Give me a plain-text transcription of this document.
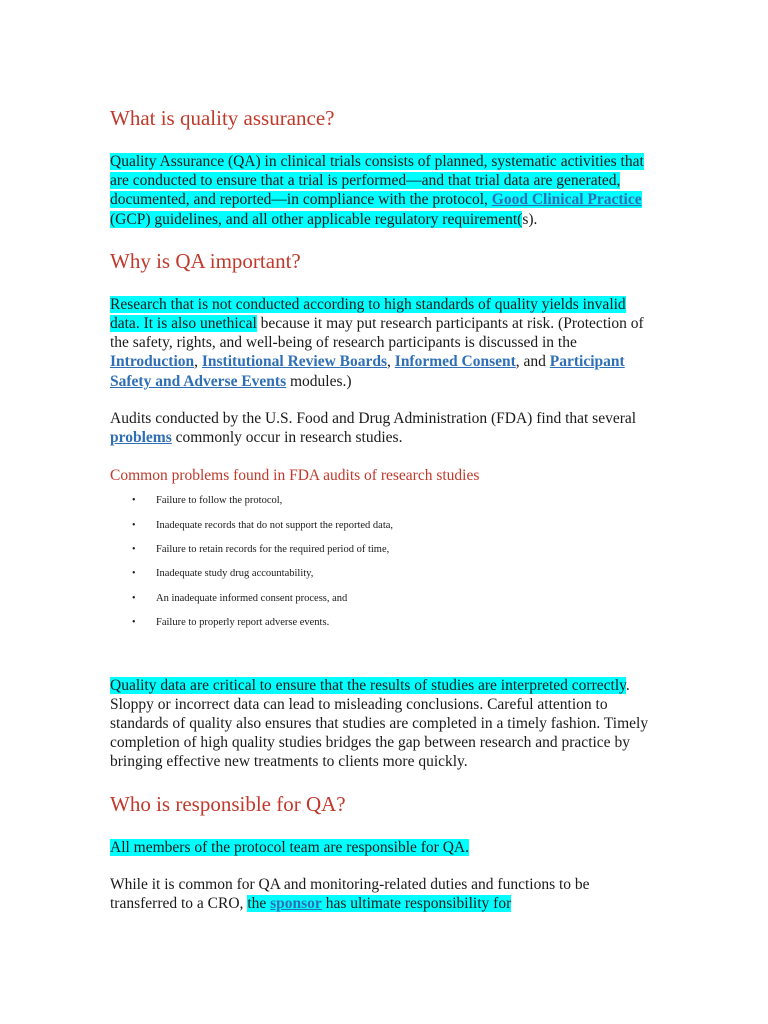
What is quality assurance?

Quality Assurance (QA) in clinical trials consists of planned, systematic activities that are conducted to ensure that a trial is performed—and that trial data are generated, documented, and reported—in compliance with the protocol, Good Clinical Practice (GCP) guidelines, and all other applicable regulatory requirement(s).

Why is QA important?

Research that is not conducted according to high standards of quality yields invalid data. It is also unethical because it may put research participants at risk. (Protection of the safety, rights, and well-being of research participants is discussed in the Introduction, Institutional Review Boards, Informed Consent, and Participant Safety and Adverse Events modules.)

Audits conducted by the U.S. Food and Drug Administration (FDA) find that several problems commonly occur in research studies.

Common problems found in FDA audits of research studies
• Failure to follow the protocol,
• Inadequate records that do not support the reported data,
• Failure to retain records for the required period of time,
• Inadequate study drug accountability,
• An inadequate informed consent process, and
• Failure to properly report adverse events.

Quality data are critical to ensure that the results of studies are interpreted correctly. Sloppy or incorrect data can lead to misleading conclusions. Careful attention to standards of quality also ensures that studies are completed in a timely fashion. Timely completion of high quality studies bridges the gap between research and practice by bringing effective new treatments to clients more quickly.

Who is responsible for QA?

All members of the protocol team are responsible for QA.

While it is common for QA and monitoring-related duties and functions to be transferred to a CRO, the sponsor has ultimate responsibility for
